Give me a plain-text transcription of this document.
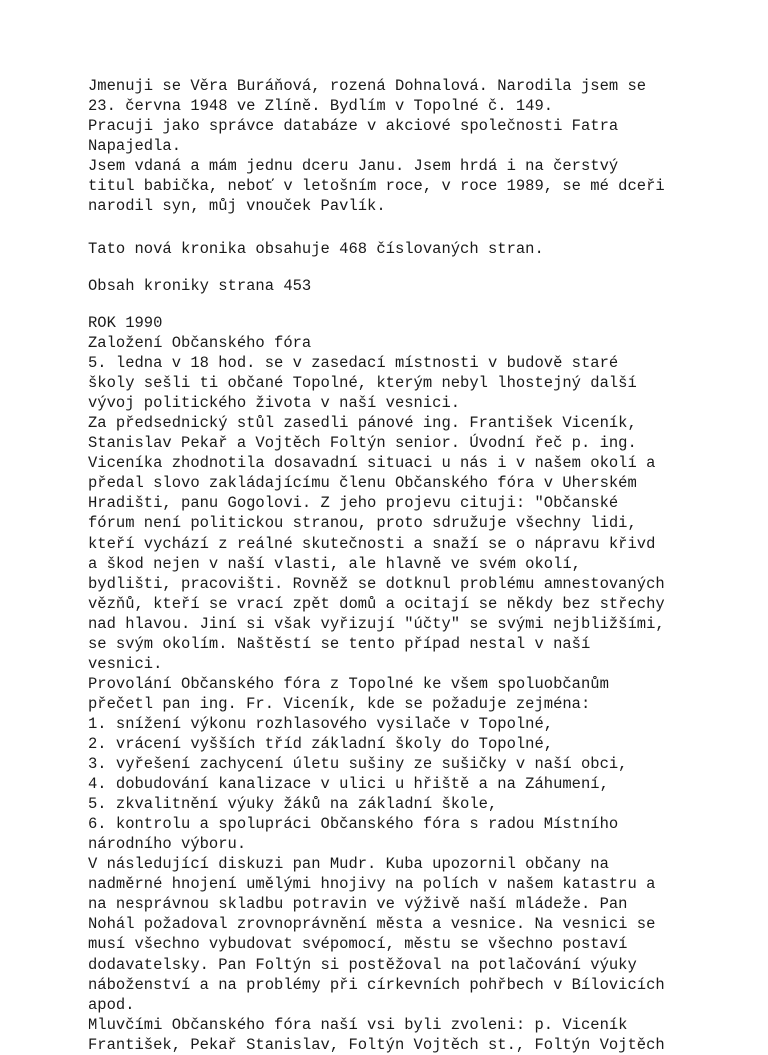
Jmenuji se Věra Buráňová, rozená Dohnalová. Narodila jsem se
23. června 1948 ve Zlíně. Bydlím v Topolné č. 149.
Pracuji jako správce databáze v akciové společnosti Fatra
Napajedla.
Jsem vdaná a mám jednu dceru Janu. Jsem hrdá i na čerstvý
titul babička, neboť v letošním roce, v roce 1989, se mé dceři
narodil syn, můj vnouček Pavlík.

Tato nová kronika obsahuje 468 číslovaných stran.

Obsah kroniky strana 453

ROK 1990
Založení Občanského fóra
5. ledna v 18 hod. se v zasedací místnosti v budově staré
školy sešli ti občané Topolné, kterým nebyl lhostejný další
vývoj politického života v naší vesnici.
Za předsednický stůl zasedli pánové ing. František Viceník,
Stanislav Pekař a Vojtěch Foltýn senior. Úvodní řeč p. ing.
Viceníka zhodnotila dosavadní situaci u nás i v našem okolí a
předal slovo zakládajícímu členu Občanského fóra v Uherském
Hradišti, panu Gogolovi. Z jeho projevu cituji: "Občanské
fórum není politickou stranou, proto sdružuje všechny lidi,
kteří vychází z reálné skutečnosti a snaží se o nápravu křivd
a škod nejen v naší vlasti, ale hlavně ve svém okolí,
bydlišti, pracovišti. Rovněž se dotknul problému amnestovaných
vězňů, kteří se vrací zpět domů a ocitají se někdy bez střechy
nad hlavou. Jiní si však vyřizují "účty" se svými nejbližšími,
se svým okolím. Naštěstí se tento případ nestal v naší
vesnici.
Provolání Občanského fóra z Topolné ke všem spoluobčanům
přečetl pan ing. Fr. Viceník, kde se požaduje zejména:
1. snížení výkonu rozhlasového vysilače v Topolné,
2. vrácení vyšších tříd základní školy do Topolné,
3. vyřešení zachycení úletu sušiny ze sušičky v naší obci,
4. dobudování kanalizace v ulici u hřiště a na Záhumení,
5. zkvalitnění výuky žáků na základní škole,
6. kontrolu a spolupráci Občanského fóra s radou Místního
národního výboru.
V následující diskuzi pan Mudr. Kuba upozornil občany na
nadměrné hnojení umělými hnojivy na polích v našem katastru a
na nesprávnou skladbu potravin ve výživě naší mládeže. Pan
Nohál požadoval zrovnoprávnění města a vesnice. Na vesnici se
musí všechno vybudovat svépomocí, městu se všechno postaví
dodavatelsky. Pan Foltýn si postěžoval na potlačování výuky
náboženství a na problémy při církevních pohřbech v Bílovicích
apod.
Mluvčími Občanského fóra naší vsi byli zvoleni: p. Viceník
František, Pekař Stanislav, Foltýn Vojtěch st., Foltýn Vojtěch
